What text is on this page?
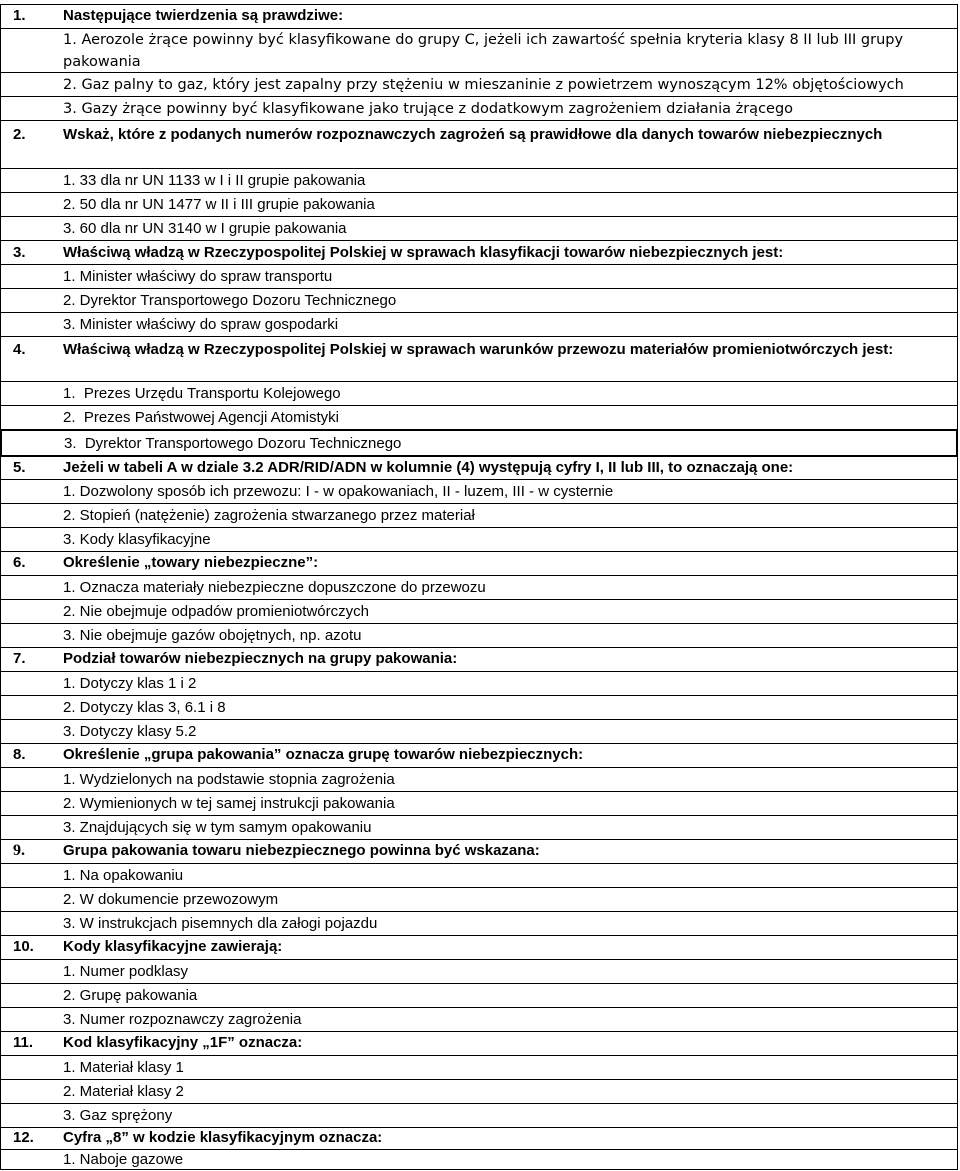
1. Następujące twierdzenia są prawdziwe:
1. Aerozole żrące powinny być klasyfikowane do grupy C, jeżeli ich zawartość spełnia kryteria klasy 8 II lub III grupy pakowania
2. Gaz palny to gaz, który jest zapalny przy stężeniu w mieszaninie z powietrzem wynoszącym 12% objętościowych
3. Gazy żrące powinny być klasyfikowane jako trujące z dodatkowym zagrożeniem działania żrącego
2. Wskaż, które z podanych numerów rozpoznawczych zagrożeń są prawidłowe dla danych towarów niebezpiecznych
1. 33 dla nr UN 1133 w I i II grupie pakowania
2. 50 dla nr UN 1477 w II i III grupie pakowania
3. 60 dla nr UN 3140 w I grupie pakowania
3. Właściwą władzą w Rzeczypospolitej Polskiej w sprawach klasyfikacji towarów niebezpiecznych jest:
1. Minister właściwy do spraw transportu
2. Dyrektor Transportowego Dozoru Technicznego
3. Minister właściwy do spraw gospodarki
4. Właściwą władzą w Rzeczypospolitej Polskiej w sprawach warunków przewozu materiałów promieniotwórczych jest:
1.  Prezes Urzędu Transportu Kolejowego
2.  Prezes Państwowej Agencji Atomistyki
3.  Dyrektor Transportowego Dozoru Technicznego
5. Jeżeli w tabeli A w dziale 3.2 ADR/RID/ADN w kolumnie (4) występują cyfry I, II lub III, to oznaczają one:
1. Dozwolony sposób ich przewozu: I - w opakowaniach, II - luzem, III - w cysternie
2. Stopień (natężenie) zagrożenia stwarzanego przez materiał
3. Kody klasyfikacyjne
6. Określenie „towary niebezpieczne”:
1. Oznacza materiały niebezpieczne dopuszczone do przewozu
2. Nie obejmuje odpadów promieniotwórczych
3. Nie obejmuje gazów obojętnych, np. azotu
7. Podział towarów niebezpiecznych na grupy pakowania:
1. Dotyczy klas 1 i 2
2. Dotyczy klas 3, 6.1 i 8
3. Dotyczy klasy 5.2
8. Określenie „grupa pakowania” oznacza grupę towarów niebezpiecznych:
1. Wydzielonych na podstawie stopnia zagrożenia
2. Wymienionych w tej samej instrukcji pakowania
3. Znajdujących się w tym samym opakowaniu
9.	Grupa pakowania towaru niebezpiecznego powinna być wskazana:
1. Na opakowaniu
2. W dokumencie przewozowym
3. W instrukcjach pisemnych dla załogi pojazdu
10. Kody klasyfikacyjne zawierają:
1. Numer podklasy
2. Grupę pakowania
3. Numer rozpoznawczy zagrożenia
11. Kod klasyfikacyjny „1F” oznacza:
1. Materiał klasy 1
2. Materiał klasy 2
3. Gaz sprężony
12. Cyfra „8” w kodzie klasyfikacyjnym oznacza:
1. Naboje gazowe
